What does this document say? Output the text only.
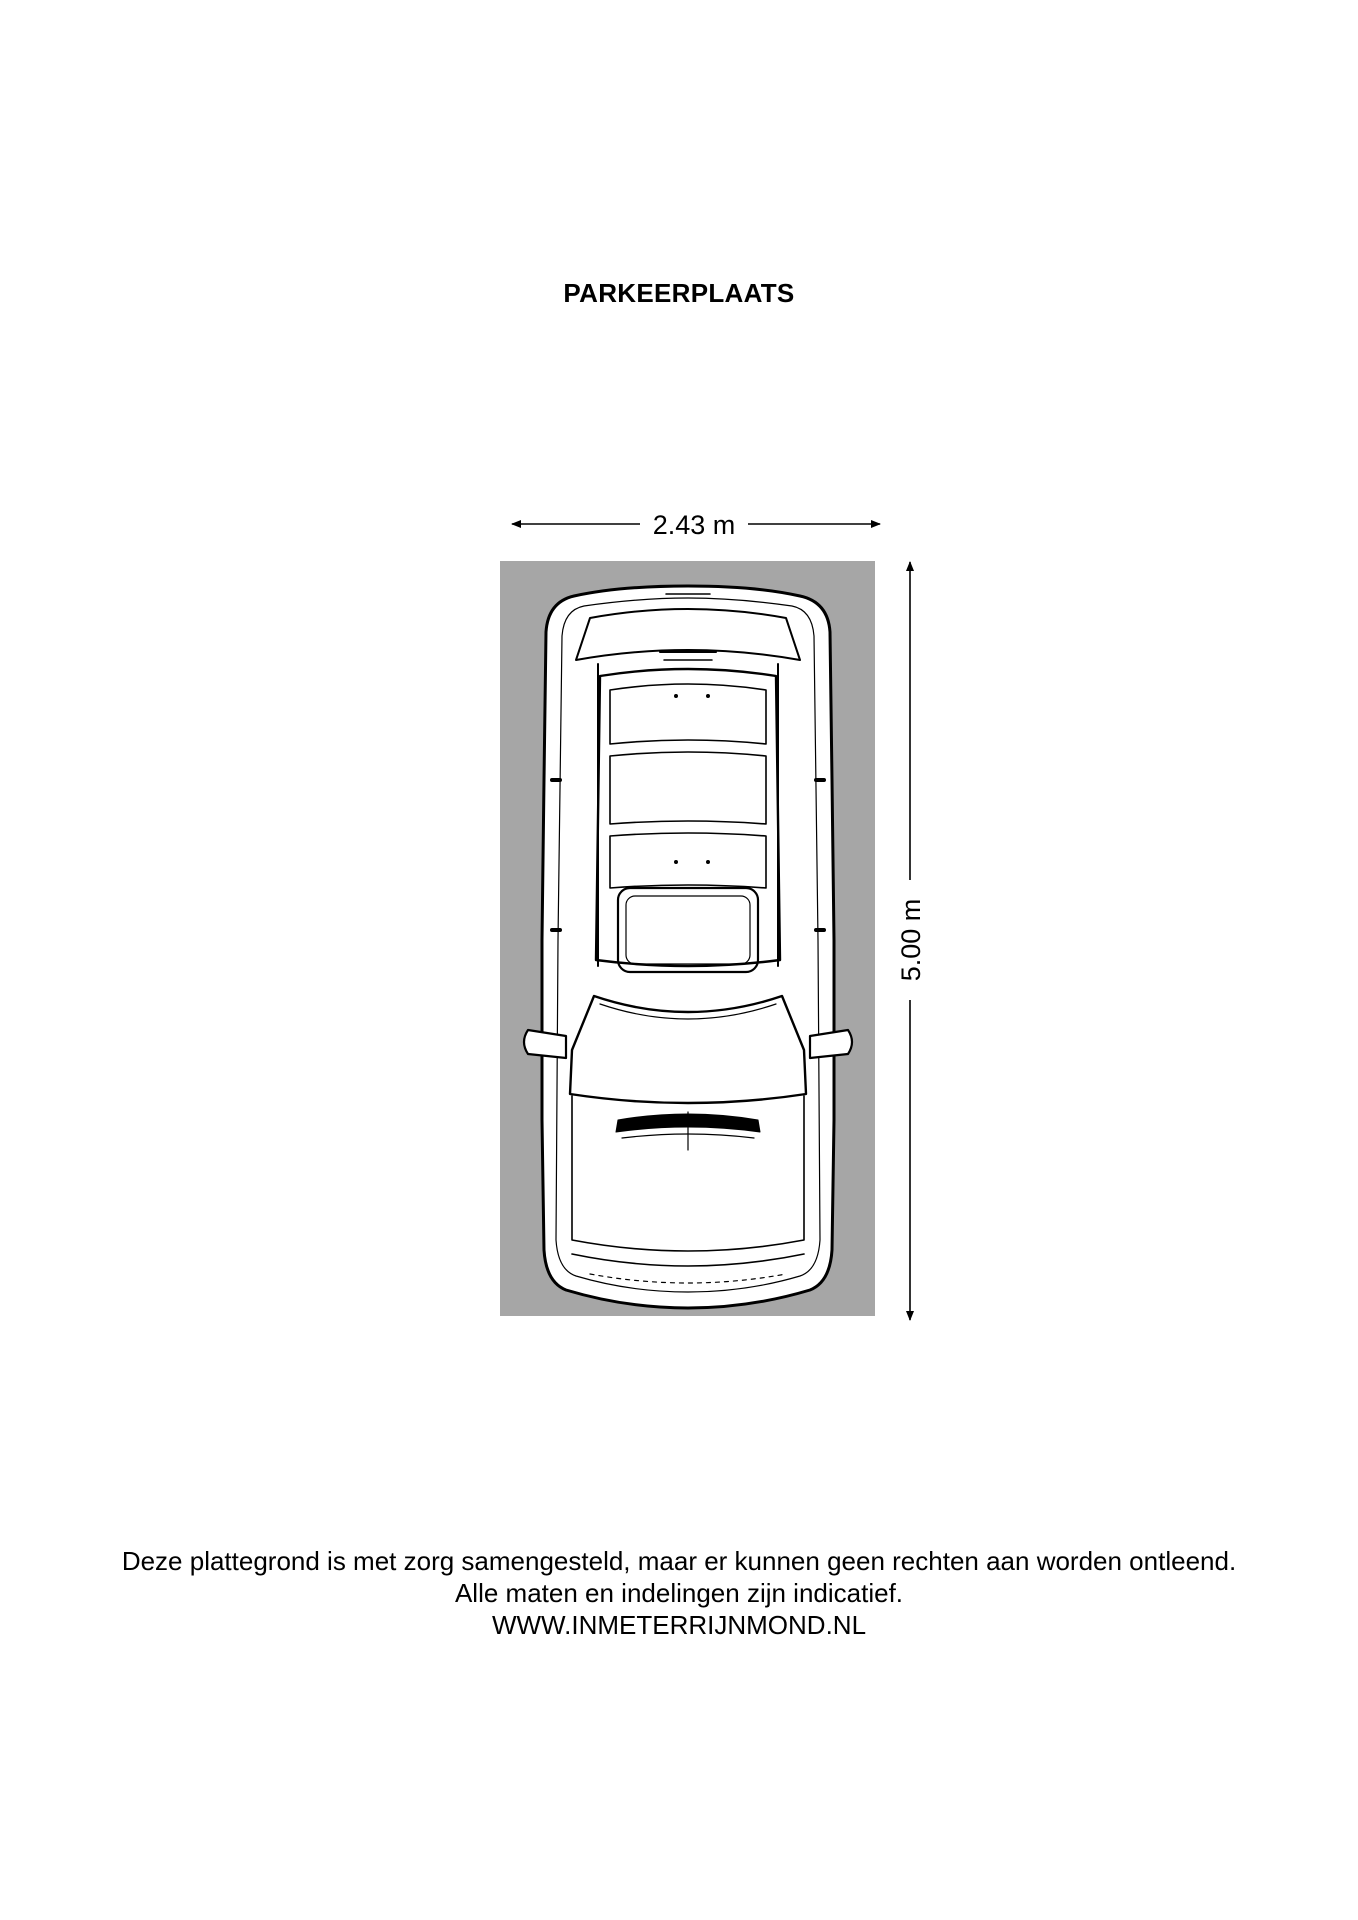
PARKEERPLAATS
2.43 m
5.00 m
Deze plattegrond is met zorg samengesteld, maar er kunnen geen rechten aan worden ontleend.
Alle maten en indelingen zijn indicatief.
WWW.INMETERRIJNMOND.NL
